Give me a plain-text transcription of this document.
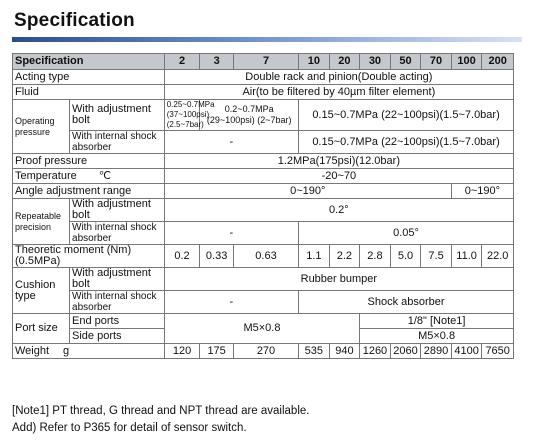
Specification
Specification		2	3	7	10	20	30	50	70	100	200
Acting type		Double rack and pinion(Double acting)									
Fluid		Air(to be filtered by 40µm filter element)									
Operating pressure	With adjustment bolt	0.25~0.7MPa (37~100psi) (2.5~7bar)	0.2~0.7MPa (29~100psi) (2~7bar)		0.15~0.7MPa (22~100psi)(1.5~7.0bar)						
	With internal shock absorber	-			0.15~0.7MPa (22~100psi)(1.5~7.0bar)						
Proof pressure		1.2MPa(175psi)(12.0bar)									
Temperature ℃		-20~70									
Angle adjustment range		0~190°								0~190°	
Repeatable precision	With adjustment bolt	0.2°									
	With internal shock absorber	-			0.05°						
Theoretic moment (Nm)(0.5MPa)		0.2	0.33	0.63	1.1	2.2	2.8	5.0	7.5	11.0	22.0
Cushion type	With adjustment bolt	Rubber bumper									
	With internal shock absorber	-			Shock absorber						
Port size	End ports	M5×0.8					1/8" [Note1]				
	Side ports						M5×0.8				
Weight g		120	175	270	535	940	1260	2060	2890	4100	7650
[Note1] PT thread, G thread and NPT thread are available.
Add) Refer to P365 for detail of sensor switch.
